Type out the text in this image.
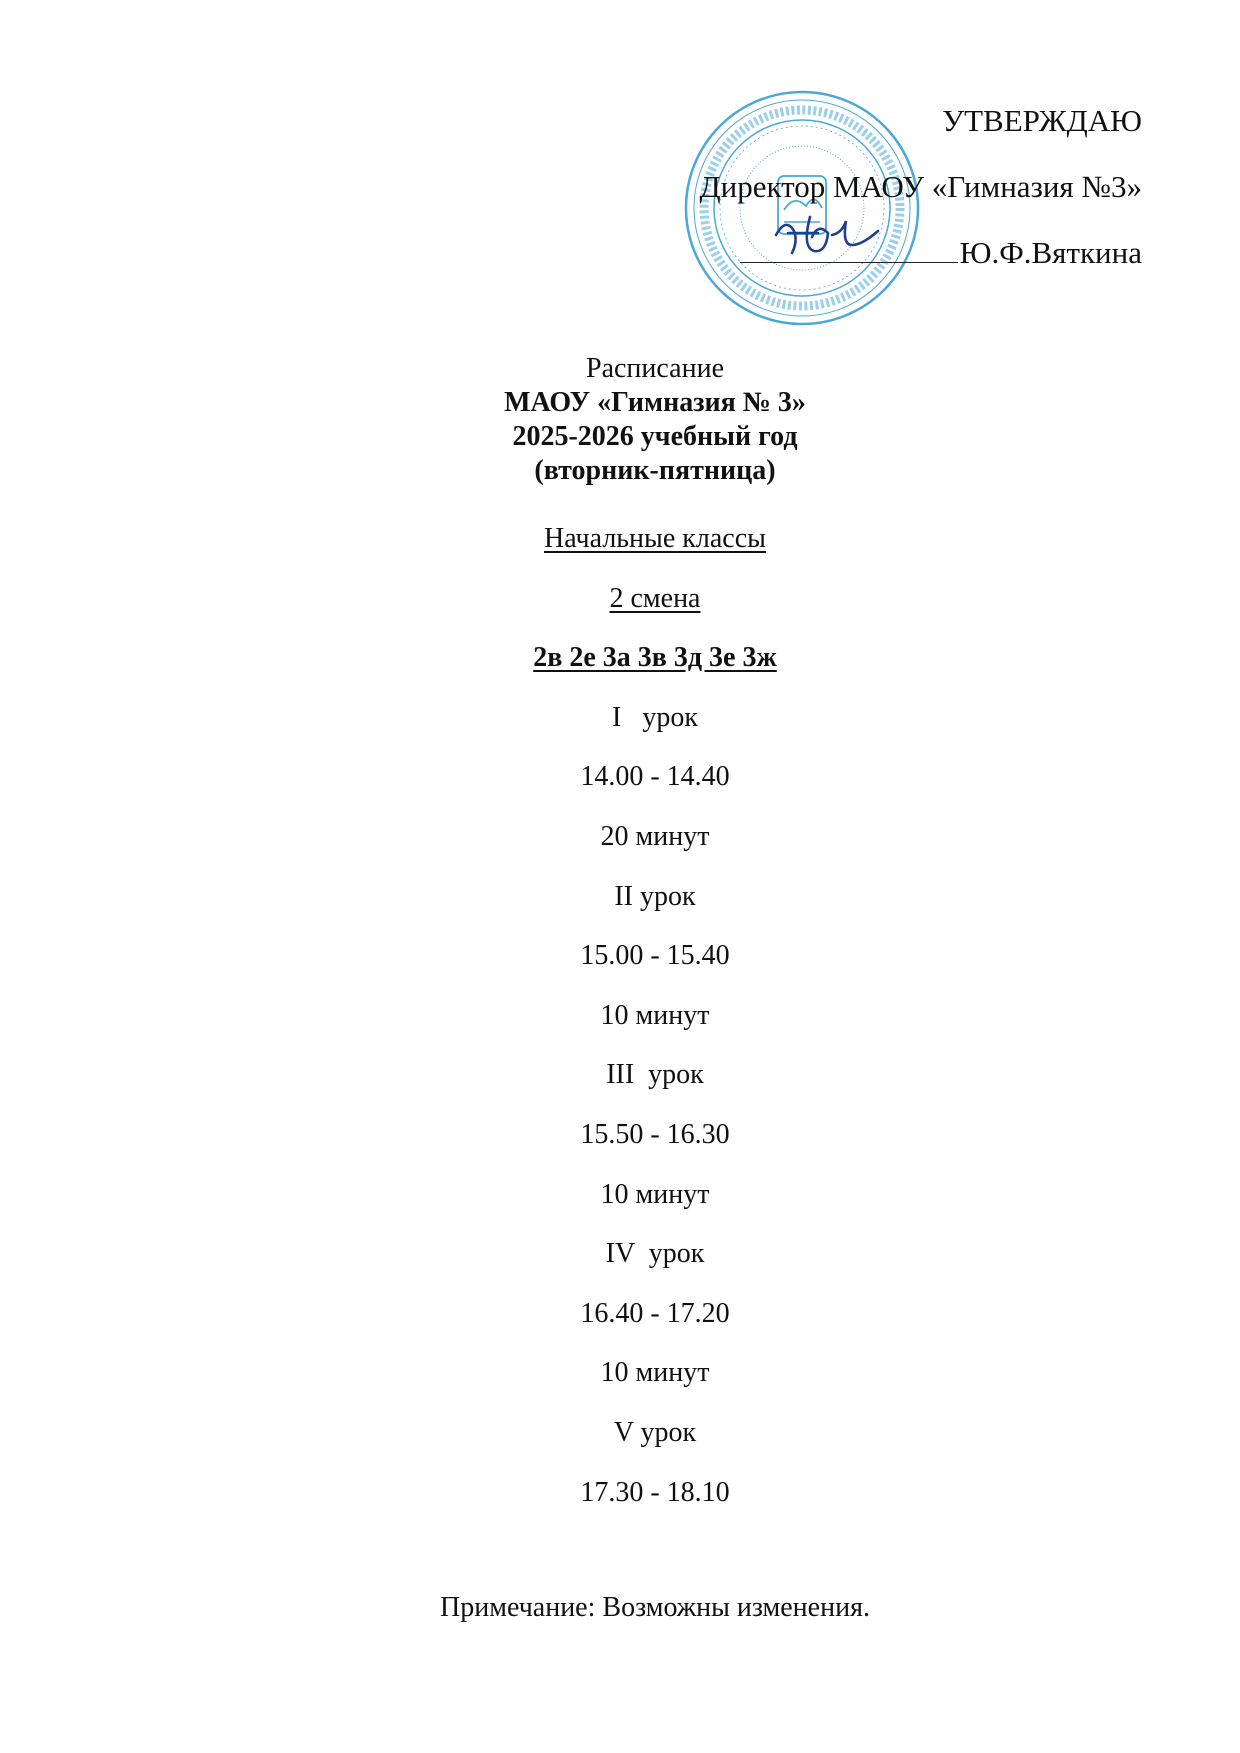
УТВЕРЖДАЮ
Директор МАОУ «Гимназия №3»
Ю.Ф.Вяткина
Расписание
МАОУ «Гимназия № 3»
2025-2026 учебный год
(вторник-пятница)
Начальные классы
2 смена
2в 2е 3а 3в 3д 3е 3ж
I   урок
14.00 - 14.40
20 минут
II урок
15.00 - 15.40
10 минут
III  урок
15.50 - 16.30
10 минут
IV  урок
16.40 - 17.20
10 минут
V урок
17.30 - 18.10
Примечание: Возможны изменения.
